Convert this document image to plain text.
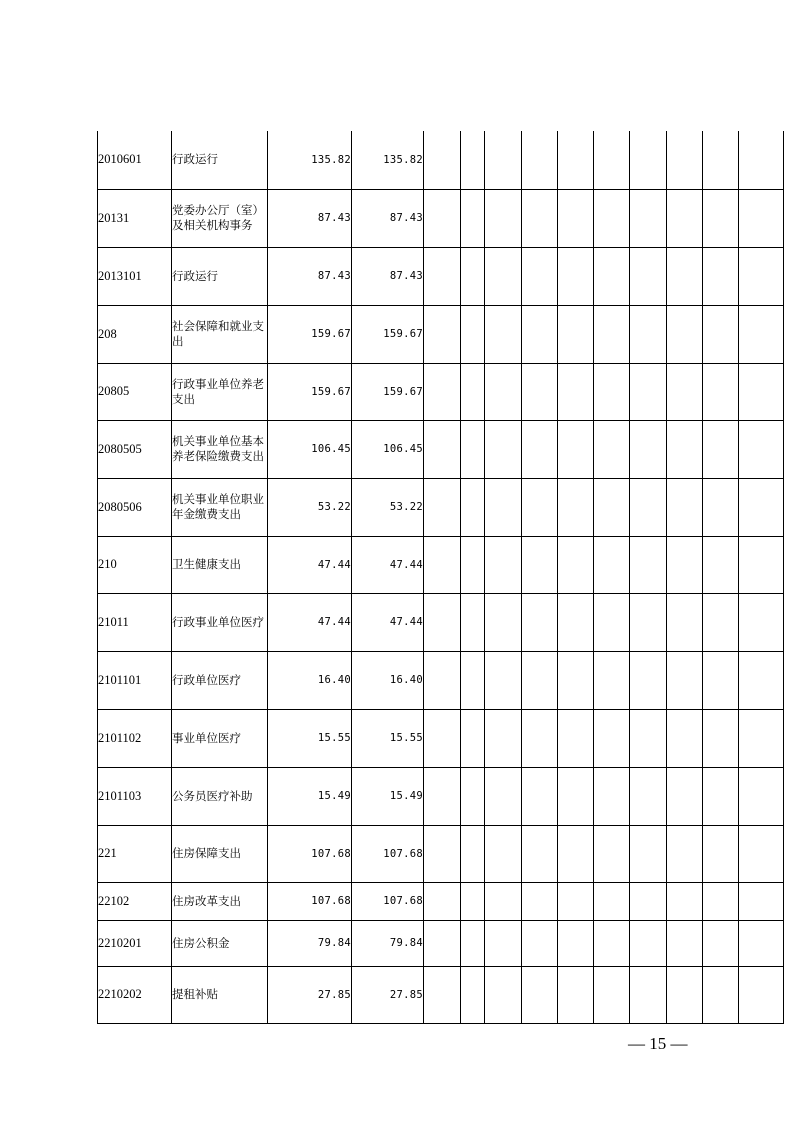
2010601	行政运行	135.82	135.82										
20131	党委办公厅（室）及相关机构事务	87.43	87.43										
2013101	行政运行	87.43	87.43										
208	社会保障和就业支出	159.67	159.67										
20805	行政事业单位养老支出	159.67	159.67										
2080505	机关事业单位基本养老保险缴费支出	106.45	106.45										
2080506	机关事业单位职业年金缴费支出	53.22	53.22										
210	卫生健康支出	47.44	47.44										
21011	行政事业单位医疗	47.44	47.44										
2101101	行政单位医疗	16.40	16.40										
2101102	事业单位医疗	15.55	15.55										
2101103	公务员医疗补助	15.49	15.49										
221	住房保障支出	107.68	107.68										
22102	住房改革支出	107.68	107.68										
2210201	住房公积金	79.84	79.84										
2210202	提租补贴	27.85	27.85										
— 15 —
